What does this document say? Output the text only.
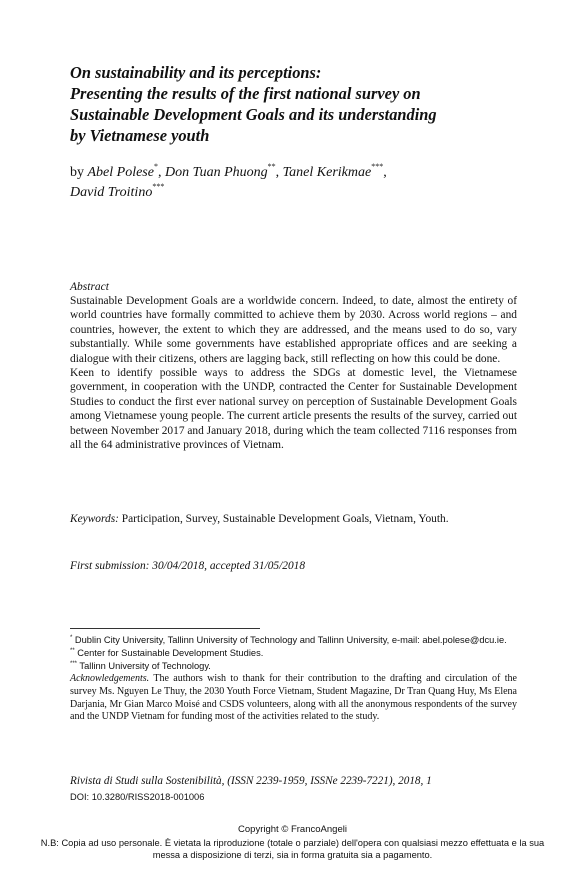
On sustainability and its perceptions:
Presenting the results of the first national survey on
Sustainable Development Goals and its understanding
by Vietnamese youth
by Abel Polese*, Don Tuan Phuong**, Tanel Kerikmae***,
David Troitino***
Abstract

Sustainable Development Goals are a worldwide concern. Indeed, to date, almost the entirety of world countries have formally committed to achieve them by 2030. Across world regions – and countries, however, the extent to which they are addressed, and the means used to do so, vary substantially. While some governments have established appropriate offices and are seeking a dialogue with their citizens, others are lagging back, still reflecting on how this could be done.

Keen to identify possible ways to address the SDGs at domestic level, the Vietnamese government, in cooperation with the UNDP, contracted the Center for Sustainable Development Studies to conduct the first ever national survey on perception of Sustainable Development Goals among Vietnamese young people. The current article presents the results of the survey, carried out between November 2017 and January 2018, during which the team collected 7116 responses from all the 64 administrative provinces of Vietnam.

Keywords: Participation, Survey, Sustainable Development Goals, Vietnam, Youth.
First submission: 30/04/2018, accepted 31/05/2018

* Dublin City University, Tallinn University of Technology and Tallinn University, e-mail: abel.polese@dcu.ie.

** Center for Sustainable Development Studies.

*** Tallinn University of Technology.

Acknowledgements. The authors wish to thank for their contribution to the drafting and circulation of the survey Ms. Nguyen Le Thuy, the 2030 Youth Force Vietnam, Student Magazine, Dr Tran Quang Huy, Ms Elena Darjania, Mr Gian Marco Moisé and CSDS volunteers, along with all the anonymous respondents of the survey and the UNDP Vietnam for funding most of the activities related to the study.

Rivista di Studi sulla Sostenibilità, (ISSN 2239-1959, ISSNe 2239-7221), 2018, 1
DOI: 10.3280/RISS2018-001006
Copyright © FrancoAngeli
N.B: Copia ad uso personale. È vietata la riproduzione (totale o parziale) dell'opera con qualsiasi mezzo effettuata e la sua messa a disposizione di terzi, sia in forma gratuita sia a pagamento.
